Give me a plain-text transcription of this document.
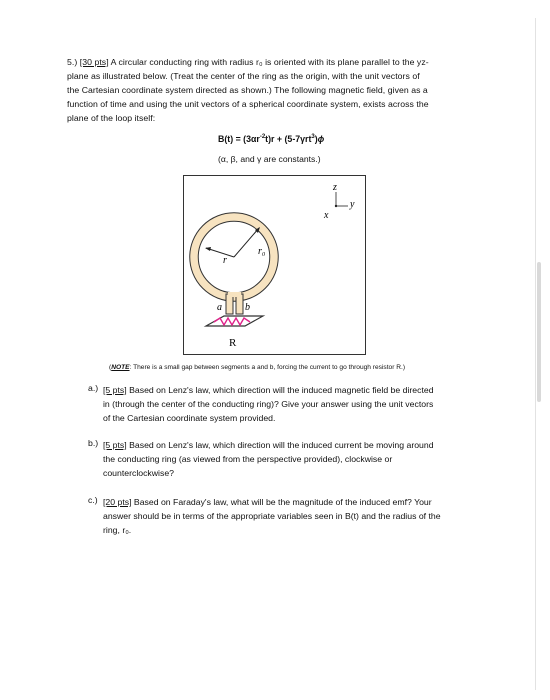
5.) [30 pts] A circular conducting ring with radius r₀ is oriented with its plane parallel to the yz-
plane as illustrated below. (Treat the center of the ring as the origin, with the unit vectors of
the Cartesian coordinate system directed as shown.) The following magnetic field, given as a
function of time and using the unit vectors of a spherical coordinate system, exists across the
plane of the loop itself:
$B(t) = (3\alpha r^{-2}t)r + (5-7\gamma rt^3)\phi$
(α, β, and γ are constants.)
z
y
x
a b
r₀
r
R
(NOTE: There is a small gap between segments a and b, forcing the current to go through resistor R.)
a.) [5 pts] Based on Lenz's law, which direction will the induced magnetic field be directed
in (through the center of the conducting ring)? Give your answer using the unit vectors
of the Cartesian coordinate system provided.
b.) [5 pts] Based on Lenz's law, which direction will the induced current be moving around
the conducting ring (as viewed from the perspective provided), clockwise or
counterclockwise?
c.) [20 pts] Based on Faraday's law, what will be the magnitude of the induced emf? Your
answer should be in terms of the appropriate variables seen in B(t) and the radius of the
ring, r₀.
